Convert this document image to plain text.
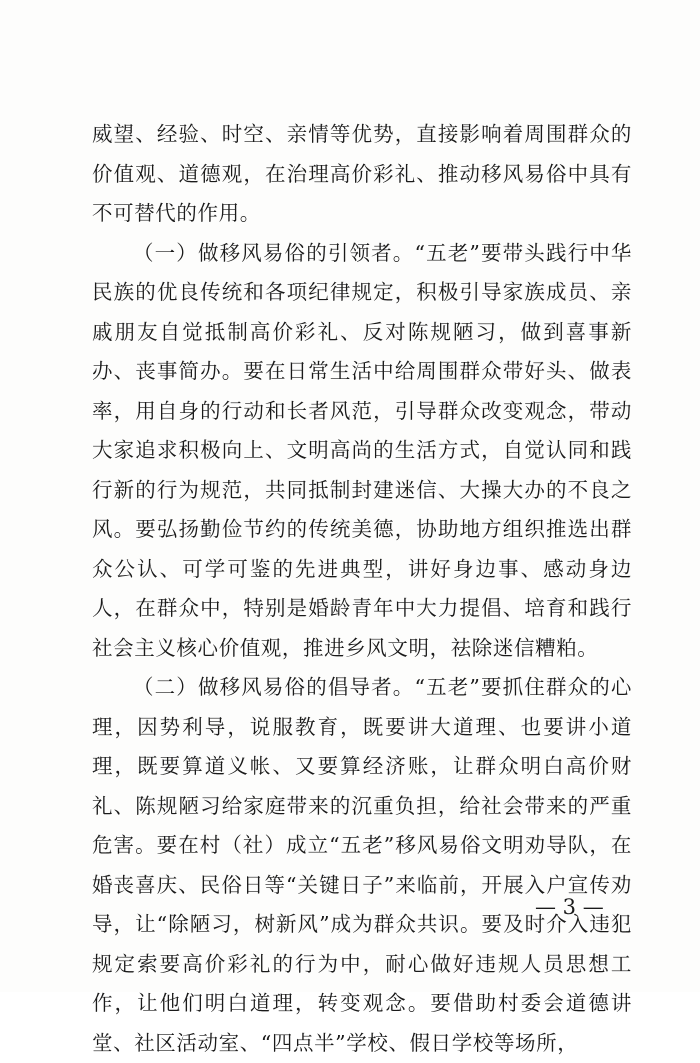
威望、经验、时空、亲情等优势，直接影响着周围群众的价值观、道德观，在治理高价彩礼、推动移风易俗中具有不可替代的作用。

（一）做移风易俗的引领者。“五老”要带头践行中华民族的优良传统和各项纪律规定，积极引导家族成员、亲戚朋友自觉抵制高价彩礼、反对陈规陋习，做到喜事新办、丧事简办。要在日常生活中给周围群众带好头、做表率，用自身的行动和长者风范，引导群众改变观念，带动大家追求积极向上、文明高尚的生活方式，自觉认同和践行新的行为规范，共同抵制封建迷信、大操大办的不良之风。要弘扬勤俭节约的传统美德，协助地方组织推选出群众公认、可学可鉴的先进典型，讲好身边事、感动身边人，在群众中，特别是婚龄青年中大力提倡、培育和践行社会主义核心价值观，推进乡风文明，祛除迷信糟粕。

（二）做移风易俗的倡导者。“五老”要抓住群众的心理，因势利导，说服教育，既要讲大道理、也要讲小道理，既要算道义帐、又要算经济账，让群众明白高价财礼、陈规陋习给家庭带来的沉重负担，给社会带来的严重危害。要在村（社）成立“五老”移风易俗文明劝导队，在婚丧喜庆、民俗日等“关键日子”来临前，开展入户宣传劝导，让“除陋习，树新风”成为群众共识。要及时介入违犯规定索要高价彩礼的行为中，耐心做好违规人员思想工作，让他们明白道理，转变观念。要借助村委会道德讲堂、社区活动室、“四点半”学校、假日学校等场所，

— 3 —
